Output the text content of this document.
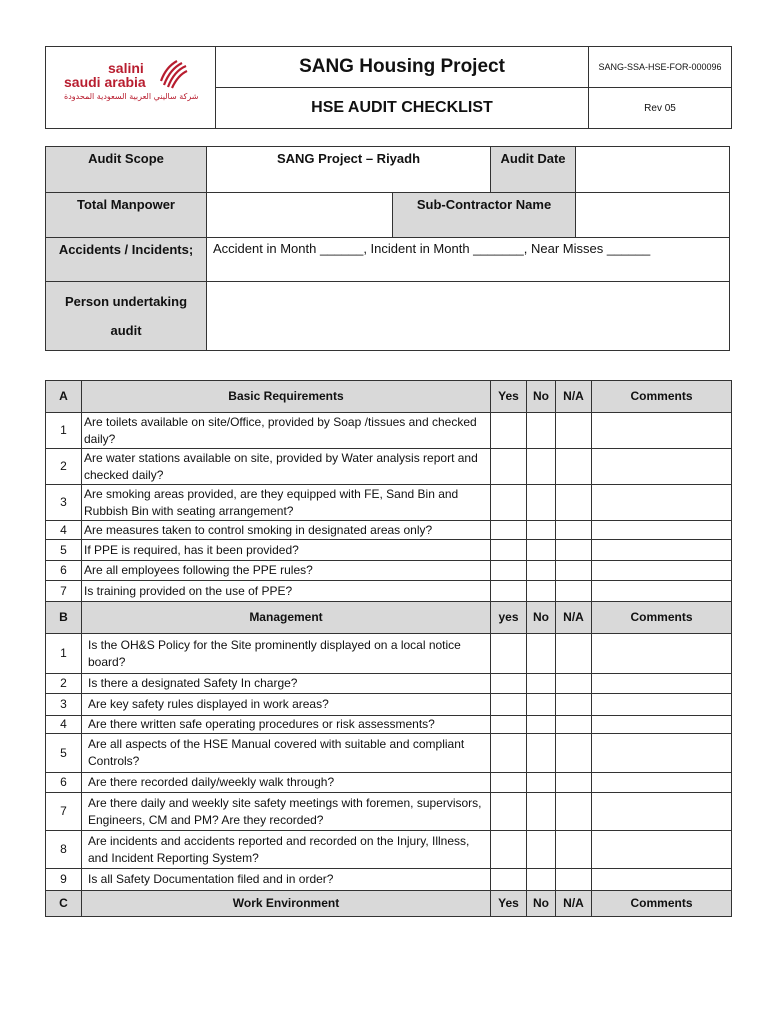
salini
saudi arabia
شركة ساليني العربية السعودية المحدودة	SANG Housing Project	SANG-SSA-HSE-FOR-000096
	HSE AUDIT CHECKLIST	Rev 05
Audit Scope	SANG Project – Riyadh		Audit Date	
Total Manpower		Sub-Contractor Name		
Accidents / Incidents;	Accident in Month ______, Incident in Month _______, Near Misses ______			
Person undertaking
audit				
A	Basic Requirements	Yes	No	N/A	Comments
1	Are toilets available on site/Office, provided by Soap /tissues and checked daily?				
2	Are water stations available on site, provided by Water analysis report and checked daily?				
3	Are smoking areas provided, are they equipped with FE, Sand Bin and Rubbish Bin with seating arrangement?				
4	Are measures taken to control smoking in designated areas only?				
5	If PPE is required, has it been provided?				
6	Are all employees following the PPE rules?				
7	Is training provided on the use of PPE?				
B	Management	yes	No	N/A	Comments
1	Is the OH&S Policy for the Site prominently displayed on a local notice board?				
2	Is there a designated Safety In charge?				
3	Are key safety rules displayed in work areas?				
4	Are there written safe operating procedures or risk assessments?				
5	Are all aspects of the HSE Manual covered with suitable and compliant Controls?				
6	Are there recorded daily/weekly walk through?				
7	Are there daily and weekly site safety meetings with foremen, supervisors, Engineers, CM and PM? Are they recorded?				
8	Are incidents and accidents reported and recorded on the Injury, Illness, and Incident Reporting System?				
9	Is all Safety Documentation filed and in order?				
C	Work Environment	Yes	No	N/A	Comments
